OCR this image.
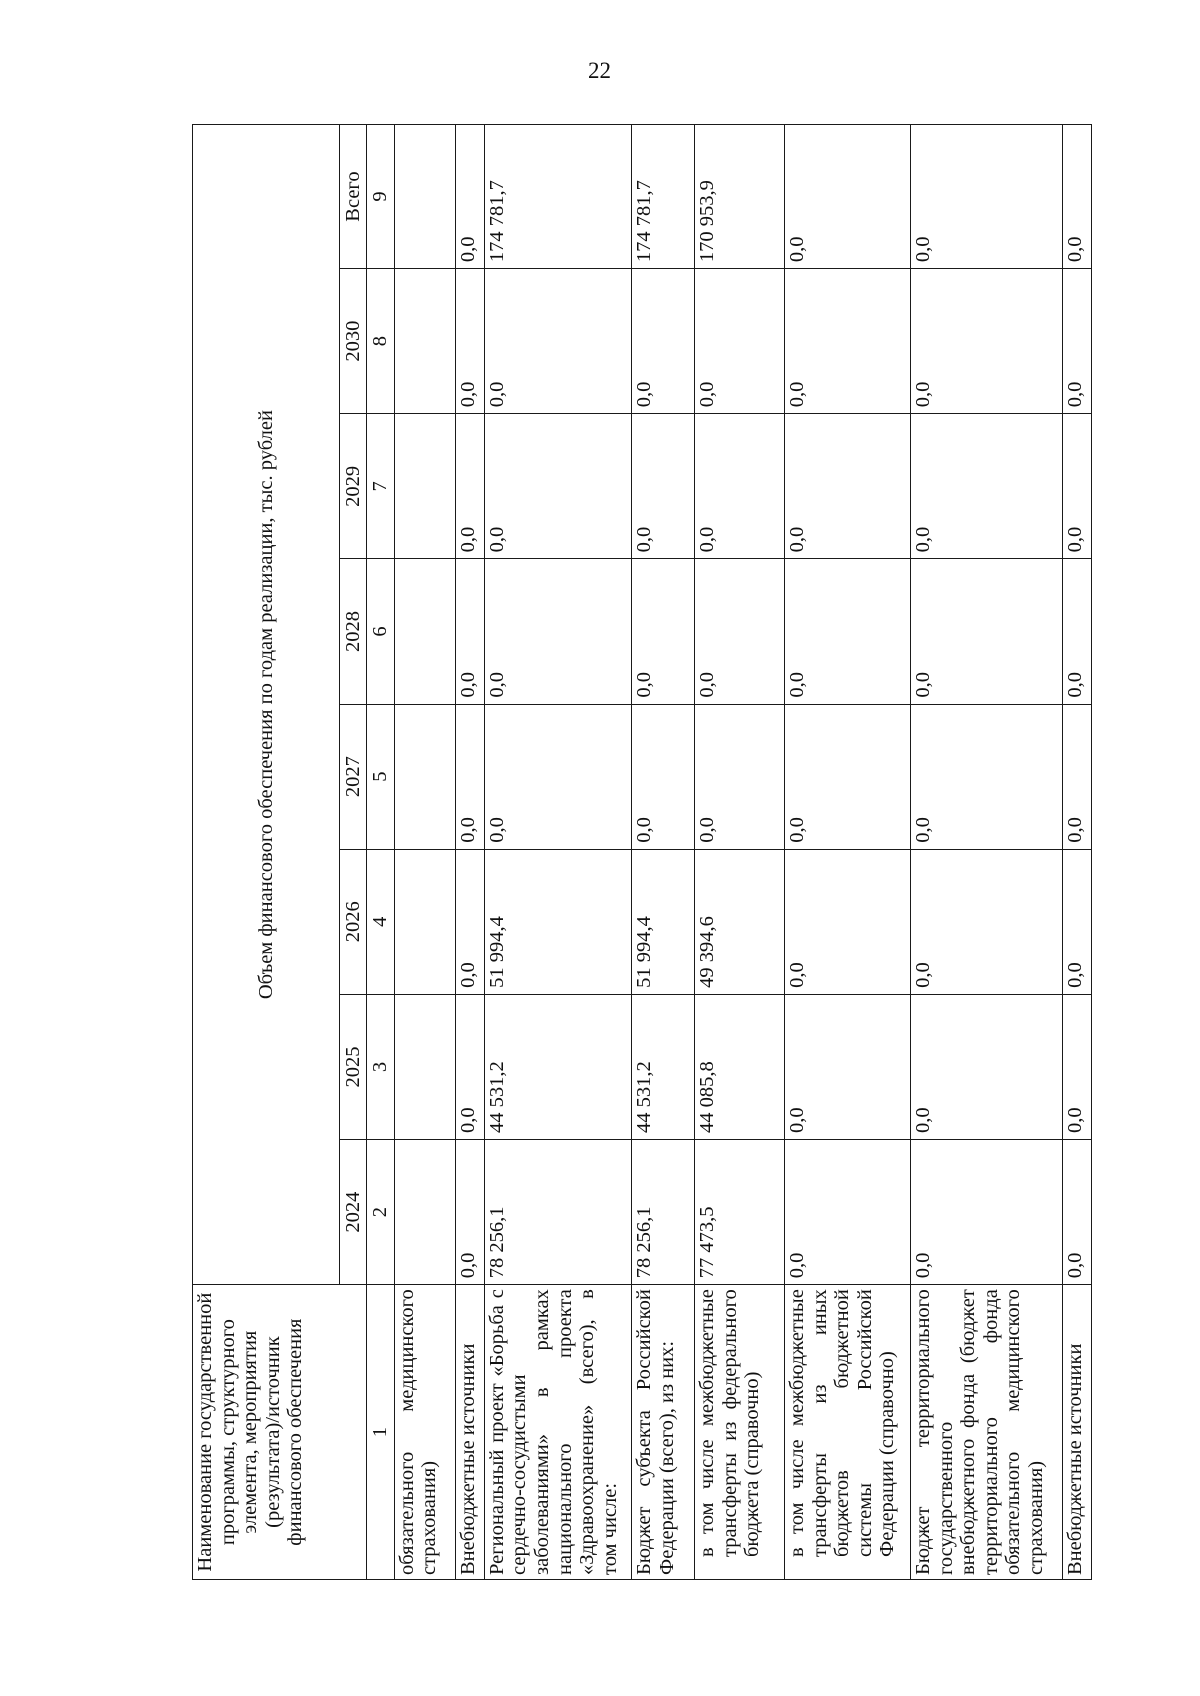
22
Наименование государственной программы, структурного элемента, мероприятия (результата)/источник финансового обеспечения	Объем финансового обеспечения по годам реализации, тыс. рублей							
	2024	2025	2026	2027	2028	2029	2030	Всего
1	2	3	4	5	6	7	8	9
обязательного медицинского страхования)								
Внебюджетные источники	0,0	0,0	0,0	0,0	0,0	0,0	0,0	0,0
Региональный проект «Борьба с сердечно-сосудистыми заболеваниями» в рамках национального проекта «Здравоохранение» (всего), в том числе:	78 256,1	44 531,2	51 994,4	0,0	0,0	0,0	0,0	174 781,7
Бюджет субъекта Российской Федерации (всего), из них:	78 256,1	44 531,2	51 994,4	0,0	0,0	0,0	0,0	174 781,7
в том числе межбюджетные трансферты из федерального бюджета (справочно)	77 473,5	44 085,8	49 394,6	0,0	0,0	0,0	0,0	170 953,9
в том числе межбюджетные трансферты из иных бюджетов бюджетной системы Российской Федерации (справочно)	0,0	0,0	0,0	0,0	0,0	0,0	0,0	0,0
Бюджет территориального государственного внебюджетного фонда (бюджет территориального фонда обязательного медицинского страхования)	0,0	0,0	0,0	0,0	0,0	0,0	0,0	0,0
Внебюджетные источники	0,0	0,0	0,0	0,0	0,0	0,0	0,0	0,0
